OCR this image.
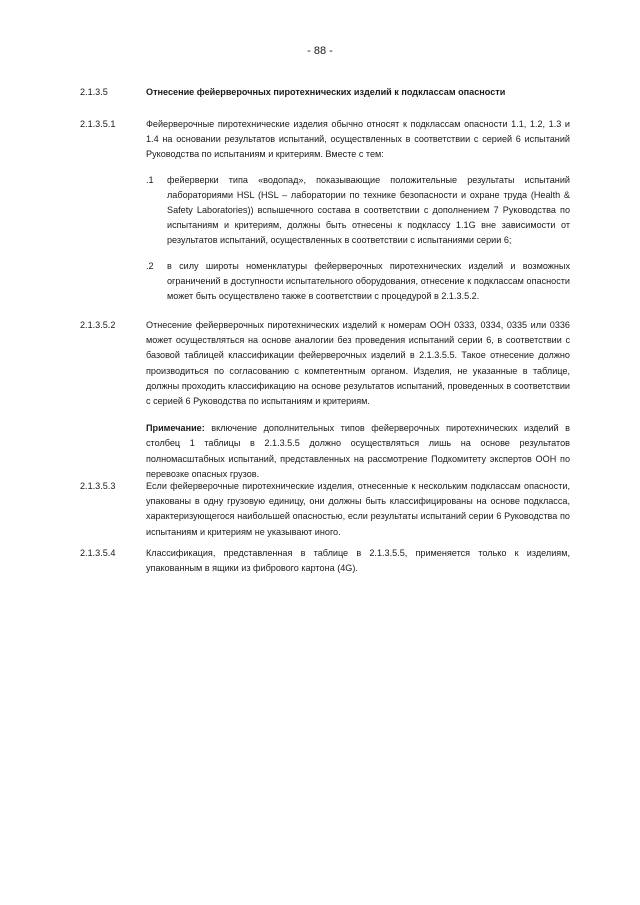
- 88 -
2.1.3.5	Отнесение фейерверочных пиротехнических изделий к подклассам опасности
2.1.3.5.1	Фейерверочные пиротехнические изделия обычно относят к подклассам опасности 1.1, 1.2, 1.3 и 1.4 на основании результатов испытаний, осуществленных в соответствии с серией 6 испытаний Руководства по испытаниям и критериям. Вместе с тем:
.1	фейерверки типа «водопад», показывающие положительные результаты испытаний лабораториями HSL (HSL – лаборатории по технике безопасности и охране труда (Health & Safety Laboratories)) вспышечного состава в соответствии с дополнением 7 Руководства по испытаниям и критериям, должны быть отнесены к подклассу 1.1G вне зависимости от результатов испытаний, осуществленных в соответствии с испытаниями серии 6;
.2	в силу широты номенклатуры фейерверочных пиротехнических изделий и возможных ограничений в доступности испытательного оборудования, отнесение к подклассам опасности может быть осуществлено также в соответствии с процедурой в 2.1.3.5.2.
2.1.3.5.2	Отнесение фейерверочных пиротехнических изделий к номерам ООН 0333, 0334, 0335 или 0336 может осуществляться на основе аналогии без проведения испытаний серии 6, в соответствии с базовой таблицей классификации фейерверочных изделий в 2.1.3.5.5. Такое отнесение должно производиться по согласованию с компетентным органом. Изделия, не указанные в таблице, должны проходить классификацию на основе результатов испытаний, проведенных в соответствии с серией 6 Руководства по испытаниям и критериям.
Примечание: включение дополнительных типов фейерверочных пиротехнических изделий в столбец 1 таблицы в 2.1.3.5.5 должно осуществляться лишь на основе результатов полномасштабных испытаний, представленных на рассмотрение Подкомитету экспертов ООН по перевозке опасных грузов.
2.1.3.5.3	Если фейерверочные пиротехнические изделия, отнесенные к нескольким подклассам опасности, упакованы в одну грузовую единицу, они должны быть классифицированы на основе подкласса, характеризующегося наибольшей опасностью, если результаты испытаний серии 6 Руководства по испытаниям и критериям не указывают иного.
2.1.3.5.4	Классификация, представленная в таблице в 2.1.3.5.5, применяется только к изделиям, упакованным в ящики из фибрового картона (4G).
